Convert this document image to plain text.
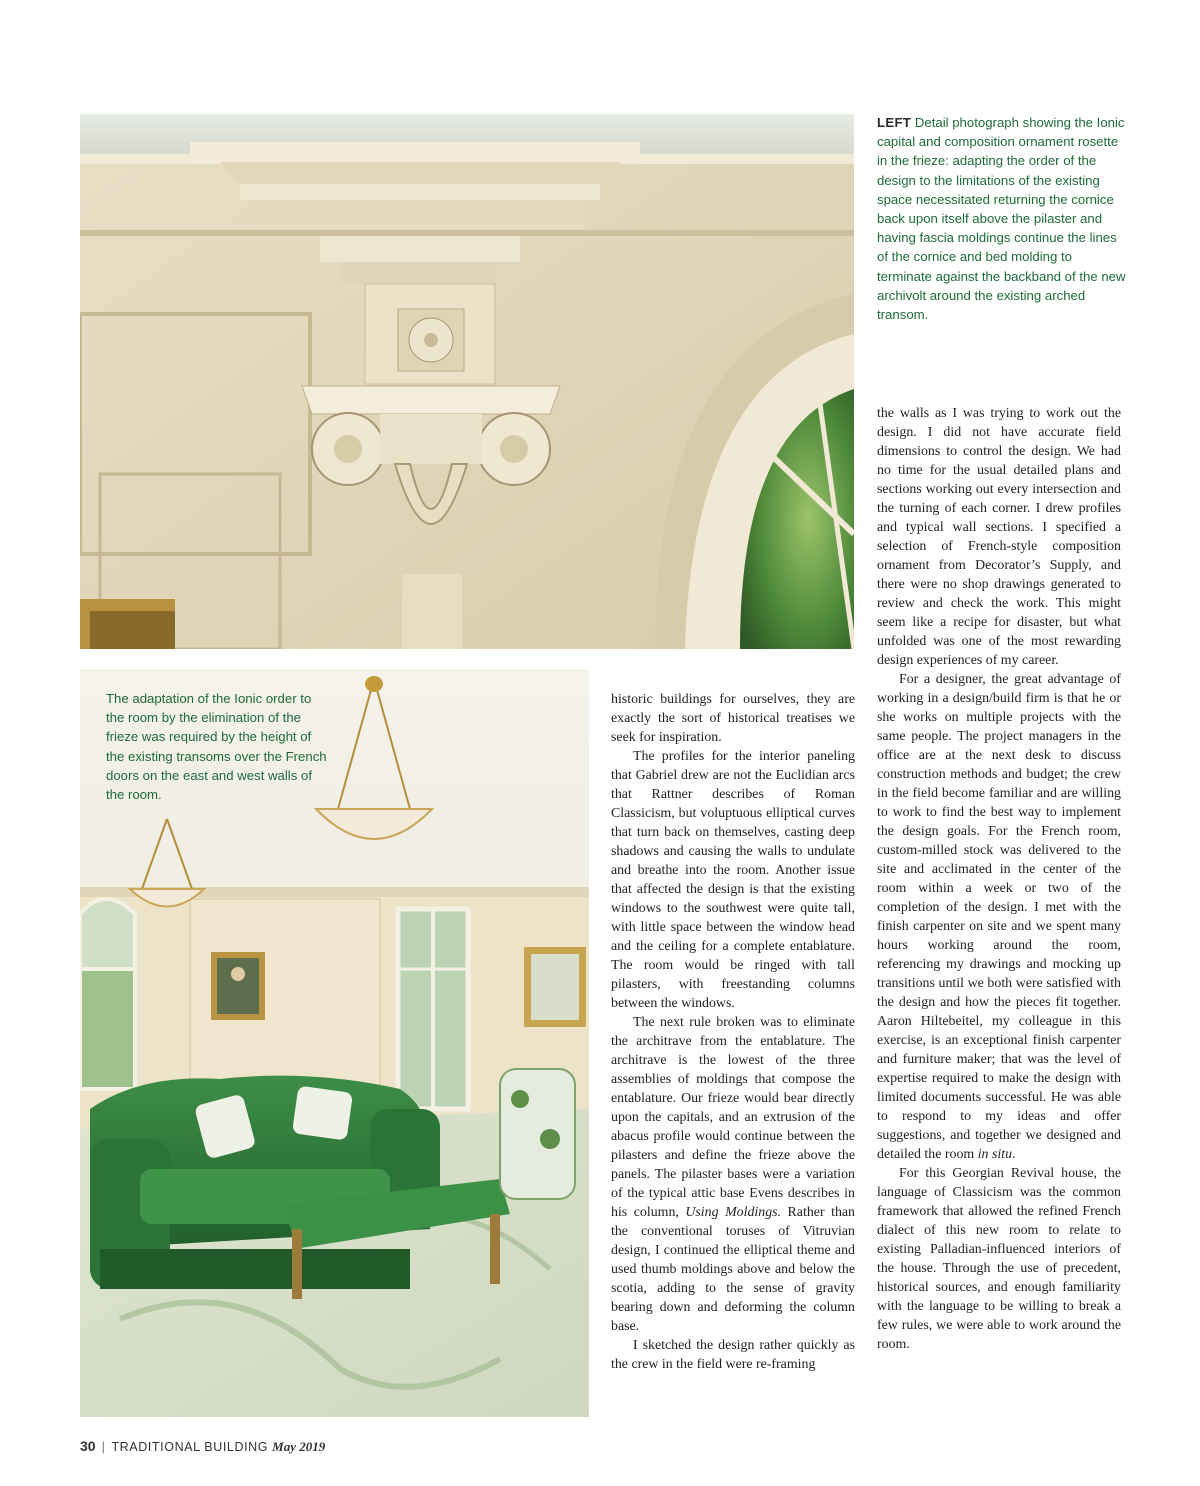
LEFT Detail photograph showing the Ionic capital and composition ornament rosette in the frieze: adapting the order of the design to the limitations of the existing space necessitated returning the cornice back upon itself above the pilaster and having fascia moldings continue the lines of the cornice and bed molding to terminate against the backband of the new archivolt around the existing arched transom.
The adaptation of the Ionic order to the room by the elimination of the frieze was required by the height of the existing transoms over the French doors on the east and west walls of the room.

historic buildings for ourselves, they are exactly the sort of historical treatises we seek for inspiration.

The profiles for the interior paneling that Gabriel drew are not the Euclidian arcs that Rattner describes of Roman Classicism, but voluptuous elliptical curves that turn back on themselves, casting deep shadows and causing the walls to undulate and breathe into the room. Another issue that affected the design is that the existing windows to the southwest were quite tall, with little space between the window head and the ceiling for a complete entablature. The room would be ringed with tall pilasters, with freestanding columns between the windows.

The next rule broken was to eliminate the architrave from the entablature. The architrave is the lowest of the three assemblies of moldings that compose the entablature. Our frieze would bear directly upon the capitals, and an extrusion of the abacus profile would continue between the pilasters and define the frieze above the panels. The pilaster bases were a variation of the typical attic base Evens describes in his column, Using Moldings. Rather than the conventional toruses of Vitruvian design, I continued the elliptical theme and used thumb moldings above and below the scotia, adding to the sense of gravity bearing down and deforming the column base.

I sketched the design rather quickly as the crew in the field were re-framing

the walls as I was trying to work out the design. I did not have accurate field dimensions to control the design. We had no time for the usual detailed plans and sections working out every intersection and the turning of each corner. I drew profiles and typical wall sections. I specified a selection of French-style composition ornament from Decorator’s Supply, and there were no shop drawings generated to review and check the work. This might seem like a recipe for disaster, but what unfolded was one of the most rewarding design experiences of my career.

For a designer, the great advantage of working in a design/build firm is that he or she works on multiple projects with the same people. The project managers in the office are at the next desk to discuss construction methods and budget; the crew in the field become familiar and are willing to work to find the best way to implement the design goals. For the French room, custom-milled stock was delivered to the site and acclimated in the center of the room within a week or two of the completion of the design. I met with the finish carpenter on site and we spent many hours working around the room, referencing my drawings and mocking up transitions until we both were satisfied with the design and how the pieces fit together. Aaron Hiltebeitel, my colleague in this exercise, is an exceptional finish carpenter and furniture maker; that was the level of expertise required to make the design with limited documents successful. He was able to respond to my ideas and offer suggestions, and together we designed and detailed the room in situ.

For this Georgian Revival house, the language of Classicism was the common framework that allowed the refined French dialect of this new room to relate to existing Palladian-influenced interiors of the house. Through the use of precedent, historical sources, and enough familiarity with the language to be willing to break a few rules, we were able to work around the room.

30 | TRADITIONAL BUILDING May 2019
